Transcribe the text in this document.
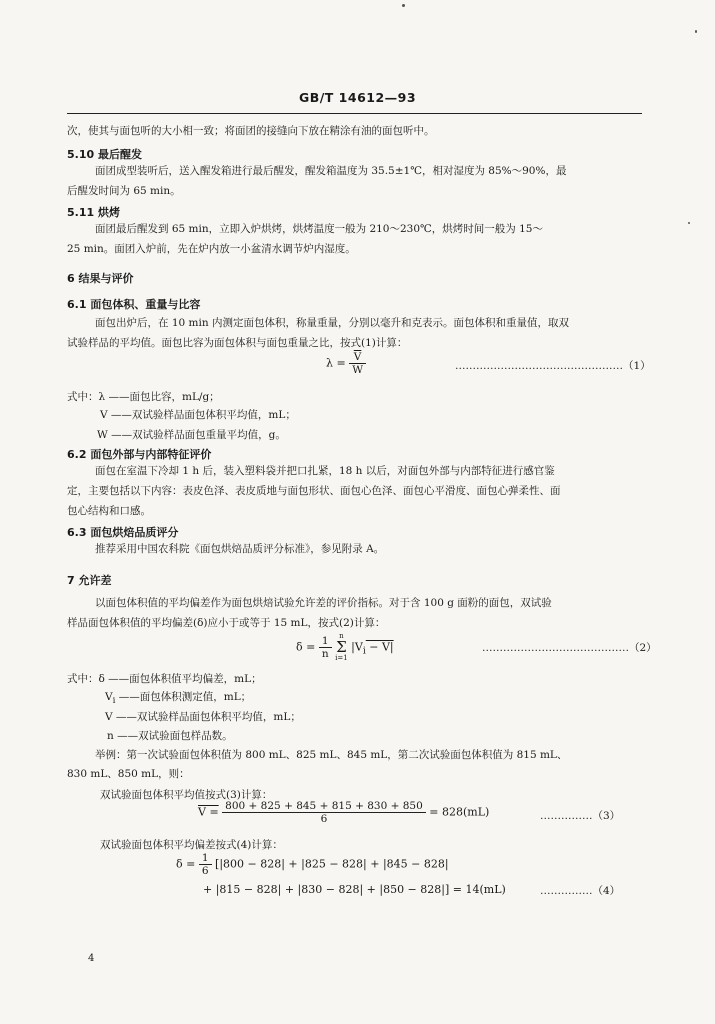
GB/T 14612—93
次，使其与面包听的大小相一致；将面团的接缝向下放在精涂有油的面包听中。
5.10 最后醒发
面团成型装听后，送入醒发箱进行最后醒发，醒发箱温度为 35.5±1℃，相对湿度为 85%～90%，最
后醒发时间为 65 min。
5.11 烘烤
面团最后醒发到 65 min，立即入炉烘烤，烘烤温度一般为 210～230℃，烘烤时间一般为 15～
25 min。面团入炉前，先在炉内放一小盆清水调节炉内湿度。
6 结果与评价
6.1 面包体积、重量与比容
面包出炉后，在 10 min 内测定面包体积，称量重量，分别以毫升和克表示。面包体积和重量值，取双
试验样品的平均值。面包比容为面包体积与面包重量之比，按式(1)计算：
$\lambda = \frac{\overline{V}}{W}$	…………………………………………（1）
式中：λ ——面包比容，mL/g；
V ——双试验样品面包体积平均值，mL；
W ——双试验样品面包重量平均值，g。
6.2 面包外部与内部特征评价
面包在室温下冷却 1 h 后，装入塑料袋并把口扎紧，18 h 以后，对面包外部与内部特征进行感官鉴
定，主要包括以下内容：表皮色泽、表皮质地与面包形状、面包心色泽、面包心平滑度、面包心弹柔性、面
包心结构和口感。
6.3 面包烘焙品质评分
推荐采用中国农科院《面包烘焙品质评分标准》，参见附录 A。
7 允许差
以面包体积值的平均偏差作为面包烘焙试验允许差的评价指标。对于含 100 g 面粉的面包，双试验
样品面包体积值的平均偏差(δ)应小于或等于 15 mL，按式(2)计算：
$\delta = \frac{1}{n}$ n
Σ
i=1 $|V_i - V|$	……………………………………（2）
式中：δ ——面包体积值平均偏差，mL；
$V_i$ ——面包体积测定值，mL；
V ——双试验样品面包体积平均值，mL；
n ——双试验面包样品数。
举例：第一次试验面包体积值为 800 mL、825 mL、845 mL，第二次试验面包体积值为 815 mL、
830 mL、850 mL，则：
双试验面包体积平均值按式(3)计算：
$V = \frac{800 + 825 + 845 + 815 + 830 + 850}{6} = 828(mL)$	……………（3）
双试验面包体积平均偏差按式(4)计算：
$\delta = \frac{1}{6} [|800 - 828| + |825 - 828| + |845 - 828|$
+ |815 − 828| + |830 − 828| + |850 − 828|] = 14(mL)	……………（4）
4
